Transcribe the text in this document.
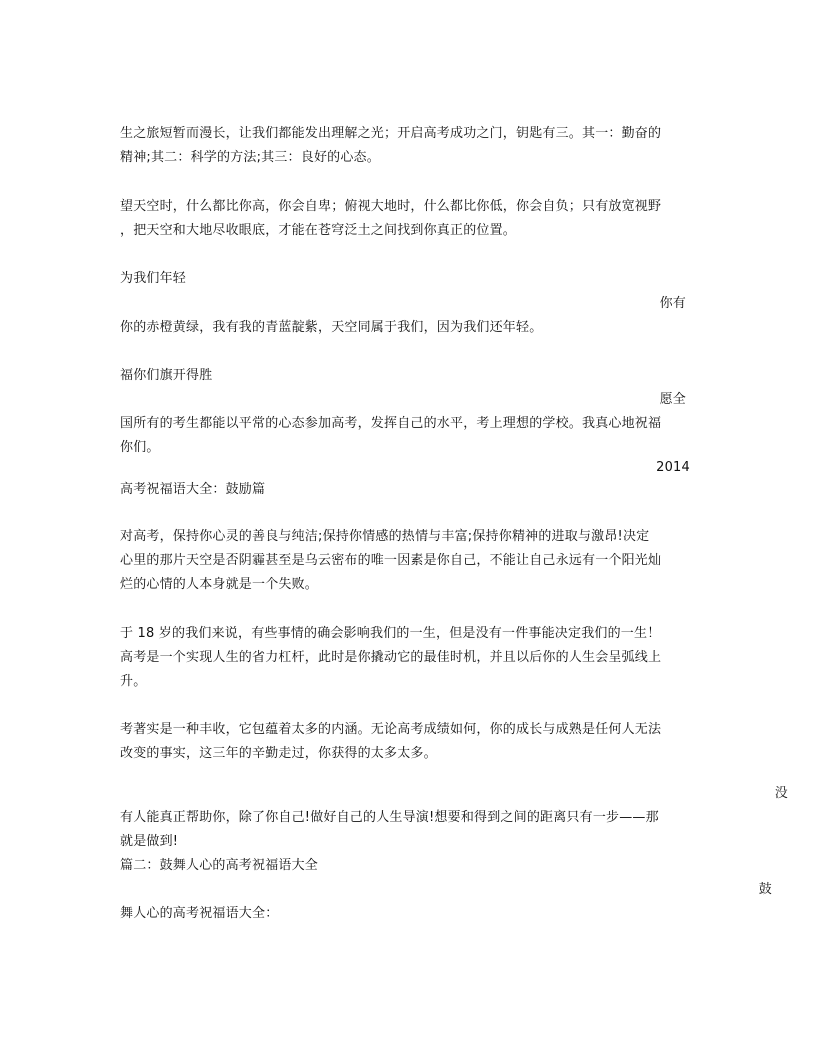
生之旅短暂而漫长，让我们都能发出理解之光；开启高考成功之门，钥匙有三。其一：勤奋的
精神;其二：科学的方法;其三：良好的心态。
望天空时，什么都比你高，你会自卑；俯视大地时，什么都比你低，你会自负；只有放宽视野
，把天空和大地尽收眼底，才能在苍穹泛土之间找到你真正的位置。
为我们年轻
你有
你的赤橙黄绿，我有我的青蓝靛紫，天空同属于我们，因为我们还年轻。
福你们旗开得胜
愿全
国所有的考生都能以平常的心态参加高考，发挥自己的水平，考上理想的学校。我真心地祝福
你们。
2014
高考祝福语大全：鼓励篇
对高考，保持你心灵的善良与纯洁;保持你情感的热情与丰富;保持你精神的进取与激昂!决定
心里的那片天空是否阴霾甚至是乌云密布的唯一因素是你自己，不能让自己永远有一个阳光灿
烂的心情的人本身就是一个失败。
于 18 岁的我们来说，有些事情的确会影响我们的一生，但是没有一件事能决定我们的一生！
高考是一个实现人生的省力杠杆，此时是你撬动它的最佳时机，并且以后你的人生会呈弧线上
升。
考著实是一种丰收，它包蕴着太多的内涵。无论高考成绩如何，你的成长与成熟是任何人无法
改变的事实，这三年的辛勤走过，你获得的太多太多。
没
有人能真正帮助你，除了你自己!做好自己的人生导演!想要和得到之间的距离只有一步——那
就是做到!
篇二：鼓舞人心的高考祝福语大全
鼓
舞人心的高考祝福语大全：
